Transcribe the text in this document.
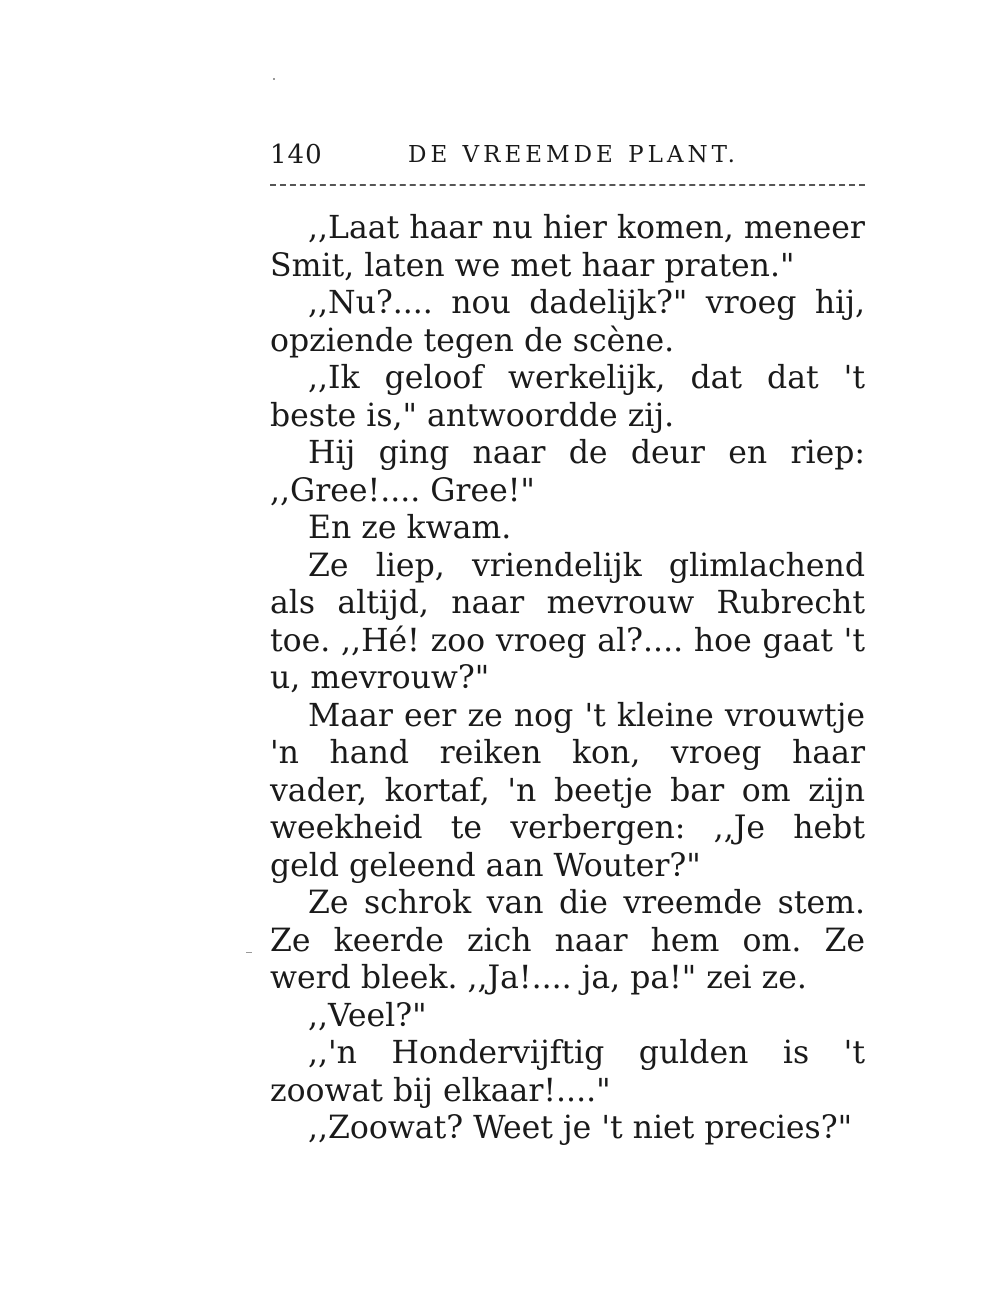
140	DE VREEMDE PLANT.

,,Laat haar nu hier komen, meneer Smit, laten we met haar praten."

,,Nu?.... nou dadelijk?" vroeg hij, opziende tegen de scène.

,,Ik geloof werkelijk, dat dat 't beste is," antwoordde zij.

Hij ging naar de deur en riep: ,,Gree!.... Gree!"

En ze kwam.

Ze liep, vriendelijk glimlachend als altijd, naar mevrouw Rubrecht toe. ,,Hé! zoo vroeg al?.... hoe gaat 't u, mevrouw?"

Maar eer ze nog 't kleine vrouwtje 'n hand reiken kon, vroeg haar vader, kortaf, 'n beetje bar om zijn weekheid te verbergen: ,,Je hebt geld geleend aan Wouter?"

Ze schrok van die vreemde stem. Ze keerde zich naar hem om. Ze werd bleek. ,,Ja!.... ja, pa!" zei ze.

,,Veel?"

,,'n Hondervijftig gulden is 't zoowat bij elkaar!...."

,,Zoowat? Weet je 't niet precies?"
